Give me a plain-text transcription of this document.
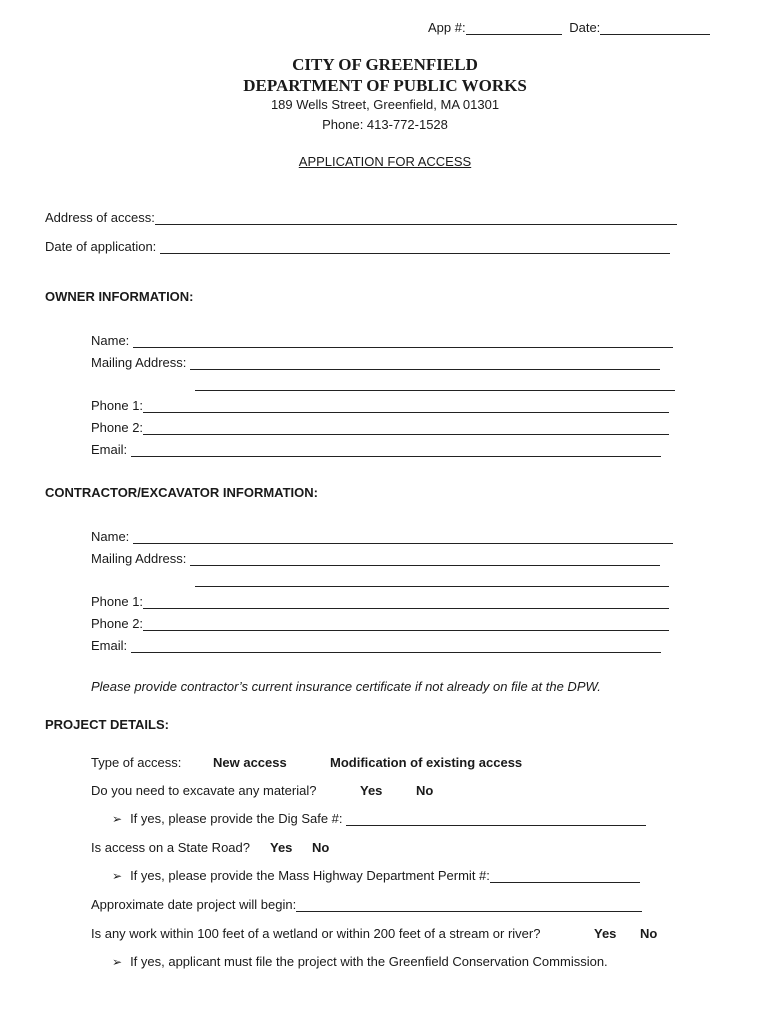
App #:	Date:
CITY OF GREENFIELD
DEPARTMENT OF PUBLIC WORKS
189 Wells Street, Greenfield, MA 01301
Phone: 413-772-1528
APPLICATION FOR ACCESS
Address of access:
Date of application:
OWNER INFORMATION:
Name:
Mailing Address:
Phone 1:
Phone 2:
Email:
CONTRACTOR/EXCAVATOR INFORMATION:
Name:
Mailing Address:
Phone 1:
Phone 2:
Email:
Please provide contractor’s current insurance certificate if not already on file at the DPW.
PROJECT DETAILS:
Type of access: New access	Modification of existing access
Do you need to excavate any material?	Yes	No
➢ If yes, please provide the Dig Safe #:
Is access on a State Road? Yes No
➢ If yes, please provide the Mass Highway Department Permit #:
Approximate date project will begin:
Is any work within 100 feet of a wetland or within 200 feet of a stream or river?	Yes No
➢ If yes, applicant must file the project with the Greenfield Conservation Commission.
